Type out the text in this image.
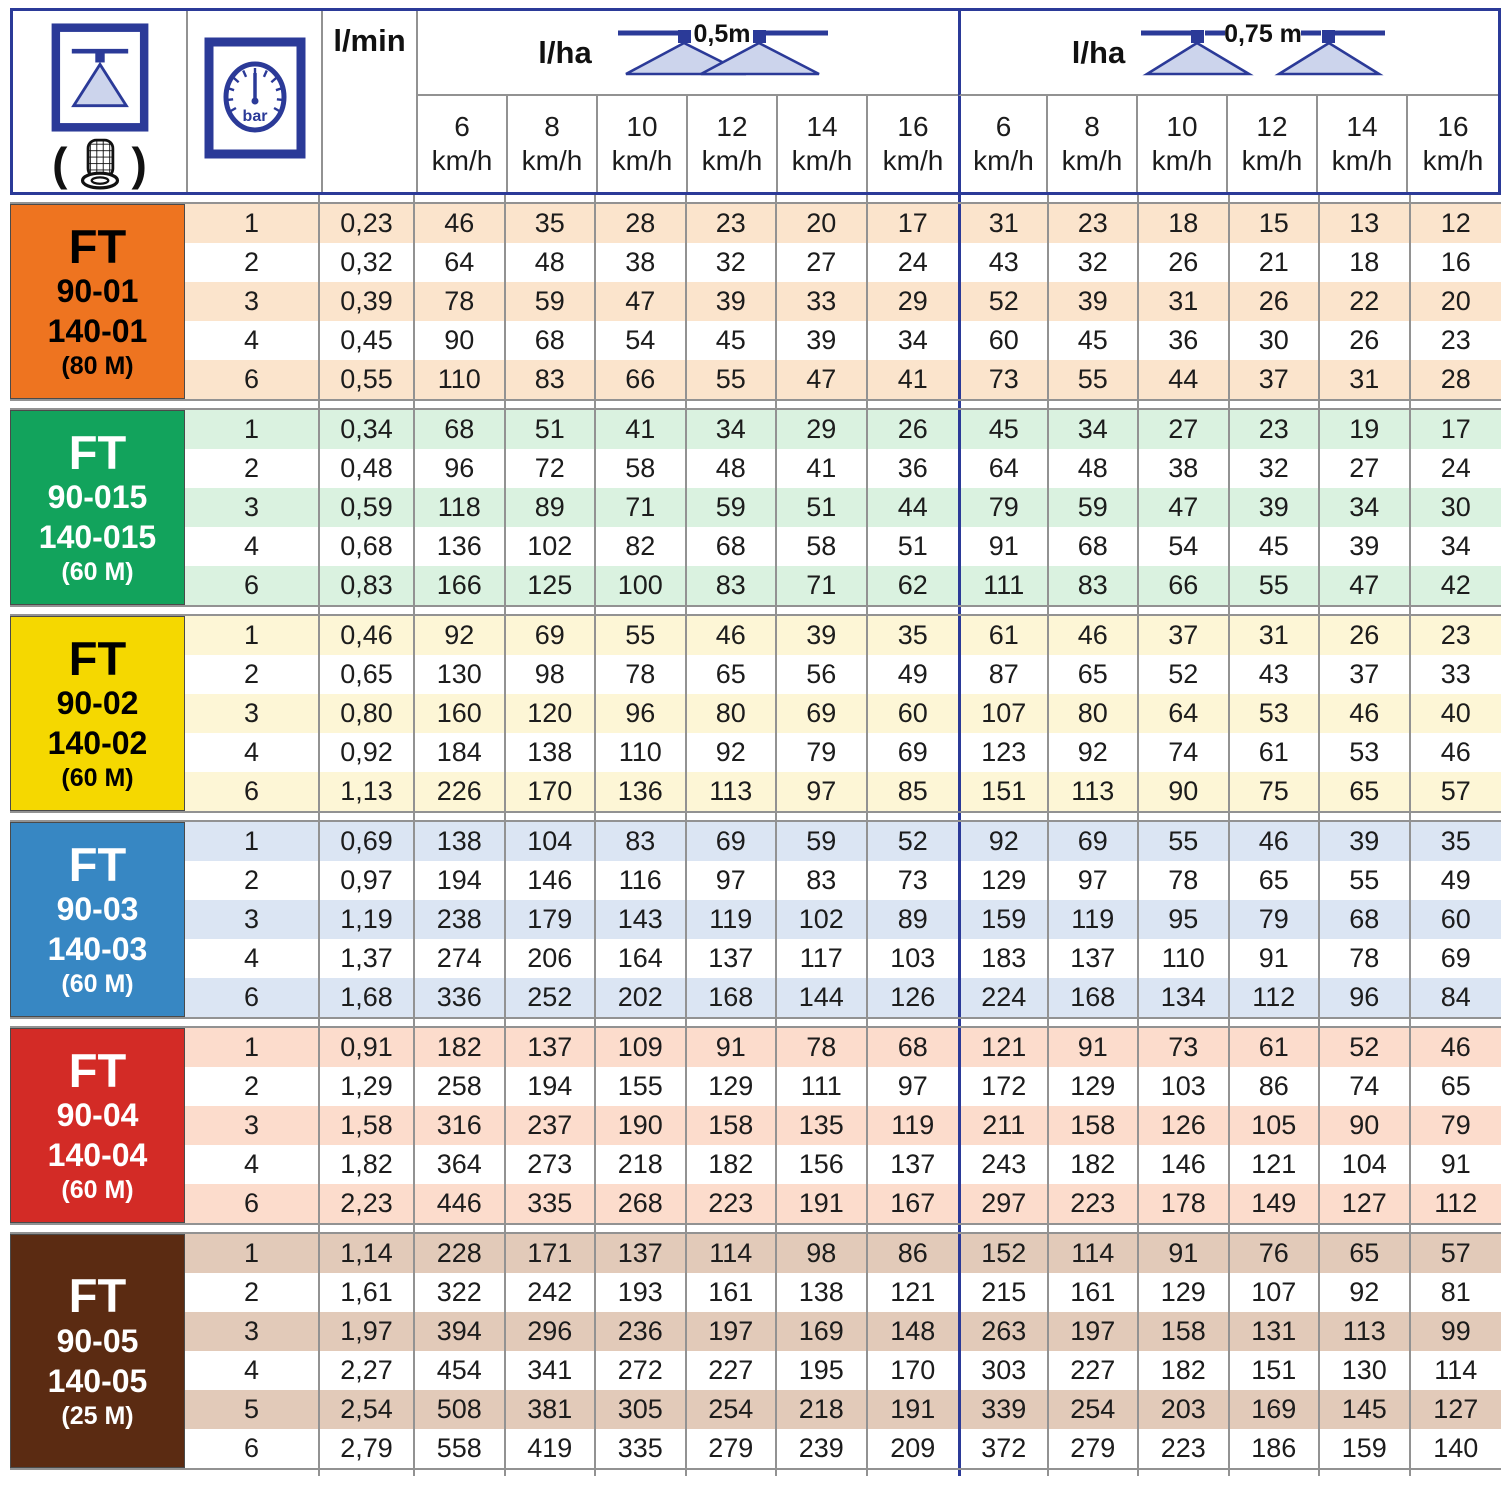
( )
bar
l/min	l/ha
0,5m
l/ha
0,75 m
6
km/h
8
km/h
10
km/h
12
km/h
14
km/h
16
km/h
6
km/h
8
km/h
10
km/h
12
km/h
14
km/h
16
km/h
FT
90-01
140-01
(80 M)
1	0,23	46	35	28	23	20	17	31	23	18	15	13	12
2	0,32	64	48	38	32	27	24	43	32	26	21	18	16
3	0,39	78	59	47	39	33	29	52	39	31	26	22	20
4	0,45	90	68	54	45	39	34	60	45	36	30	26	23
6	0,55	110	83	66	55	47	41	73	55	44	37	31	28
FT
90-015
140-015
(60 M)
1	0,34	68	51	41	34	29	26	45	34	27	23	19	17
2	0,48	96	72	58	48	41	36	64	48	38	32	27	24
3	0,59	118	89	71	59	51	44	79	59	47	39	34	30
4	0,68	136	102	82	68	58	51	91	68	54	45	39	34
6	0,83	166	125	100	83	71	62	111	83	66	55	47	42
FT
90-02
140-02
(60 M)
1	0,46	92	69	55	46	39	35	61	46	37	31	26	23
2	0,65	130	98	78	65	56	49	87	65	52	43	37	33
3	0,80	160	120	96	80	69	60	107	80	64	53	46	40
4	0,92	184	138	110	92	79	69	123	92	74	61	53	46
6	1,13	226	170	136	113	97	85	151	113	90	75	65	57
FT
90-03
140-03
(60 M)
1	0,69	138	104	83	69	59	52	92	69	55	46	39	35
2	0,97	194	146	116	97	83	73	129	97	78	65	55	49
3	1,19	238	179	143	119	102	89	159	119	95	79	68	60
4	1,37	274	206	164	137	117	103	183	137	110	91	78	69
6	1,68	336	252	202	168	144	126	224	168	134	112	96	84
FT
90-04
140-04
(60 M)
1	0,91	182	137	109	91	78	68	121	91	73	61	52	46
2	1,29	258	194	155	129	111	97	172	129	103	86	74	65
3	1,58	316	237	190	158	135	119	211	158	126	105	90	79
4	1,82	364	273	218	182	156	137	243	182	146	121	104	91
6	2,23	446	335	268	223	191	167	297	223	178	149	127	112
FT
90-05
140-05
(25 M)
1	1,14	228	171	137	114	98	86	152	114	91	76	65	57
2	1,61	322	242	193	161	138	121	215	161	129	107	92	81
3	1,97	394	296	236	197	169	148	263	197	158	131	113	99
4	2,27	454	341	272	227	195	170	303	227	182	151	130	114
5	2,54	508	381	305	254	218	191	339	254	203	169	145	127
6	2,79	558	419	335	279	239	209	372	279	223	186	159	140
